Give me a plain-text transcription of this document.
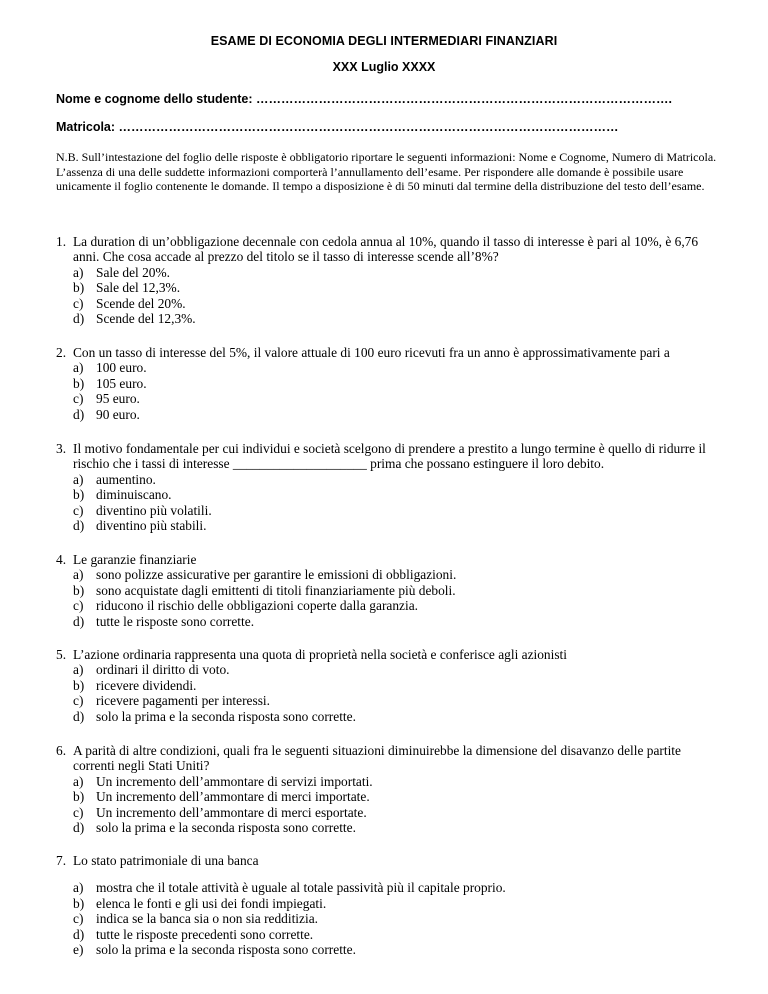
ESAME DI ECONOMIA DEGLI INTERMEDIARI FINANZIARI
XXX Luglio XXXX
Nome e cognome dello studente: ……………………………………………………………………………………….
Matricola: …………………………………………………………………………………………………………
N.B. Sull’intestazione del foglio delle risposte è obbligatorio riportare le seguenti informazioni: Nome e Cognome, Numero di Matricola. L’assenza di una delle suddette informazioni comporterà l’annullamento dell’esame. Per rispondere alle domande è possibile usare unicamente il foglio contenente le domande. Il tempo a disposizione è di 50 minuti dal termine della distribuzione del testo dell’esame.
1. La duration di un’obbligazione decennale con cedola annua al 10%, quando il tasso di interesse è pari al 10%, è 6,76 anni. Che cosa accade al prezzo del titolo se il tasso di interesse scende all’8%?
a) Sale del 20%.
b) Sale del 12,3%.
c) Scende del 20%.
d) Scende del 12,3%.
2. Con un tasso di interesse del 5%, il valore attuale di 100 euro ricevuti fra un anno è approssimativamente pari a
a) 100 euro.
b) 105 euro.
c) 95 euro.
d) 90 euro.
3. Il motivo fondamentale per cui individui e società scelgono di prendere a prestito a lungo termine è quello di ridurre il rischio che i tassi di interesse ____________________ prima che possano estinguere il loro debito.
a) aumentino.
b) diminuiscano.
c) diventino più volatili.
d) diventino più stabili.
4. Le garanzie finanziarie
a) sono polizze assicurative per garantire le emissioni di obbligazioni.
b) sono acquistate dagli emittenti di titoli finanziariamente più deboli.
c) riducono il rischio delle obbligazioni coperte dalla garanzia.
d) tutte le risposte sono corrette.
5. L’azione ordinaria rappresenta una quota di proprietà nella società e conferisce agli azionisti
a) ordinari il diritto di voto.
b) ricevere dividendi.
c) ricevere pagamenti per interessi.
d) solo la prima e la seconda risposta sono corrette.
6. A parità di altre condizioni, quali fra le seguenti situazioni diminuirebbe la dimensione del disavanzo delle partite correnti negli Stati Uniti?
a) Un incremento dell’ammontare di servizi importati.
b) Un incremento dell’ammontare di merci importate.
c) Un incremento dell’ammontare di merci esportate.
d) solo la prima e la seconda risposta sono corrette.
7. Lo stato patrimoniale di una banca
a) mostra che il totale attività è uguale al totale passività più il capitale proprio.
b) elenca le fonti e gli usi dei fondi impiegati.
c) indica se la banca sia o non sia redditizia.
d) tutte le risposte precedenti sono corrette.
e) solo la prima e la seconda risposta sono corrette.
